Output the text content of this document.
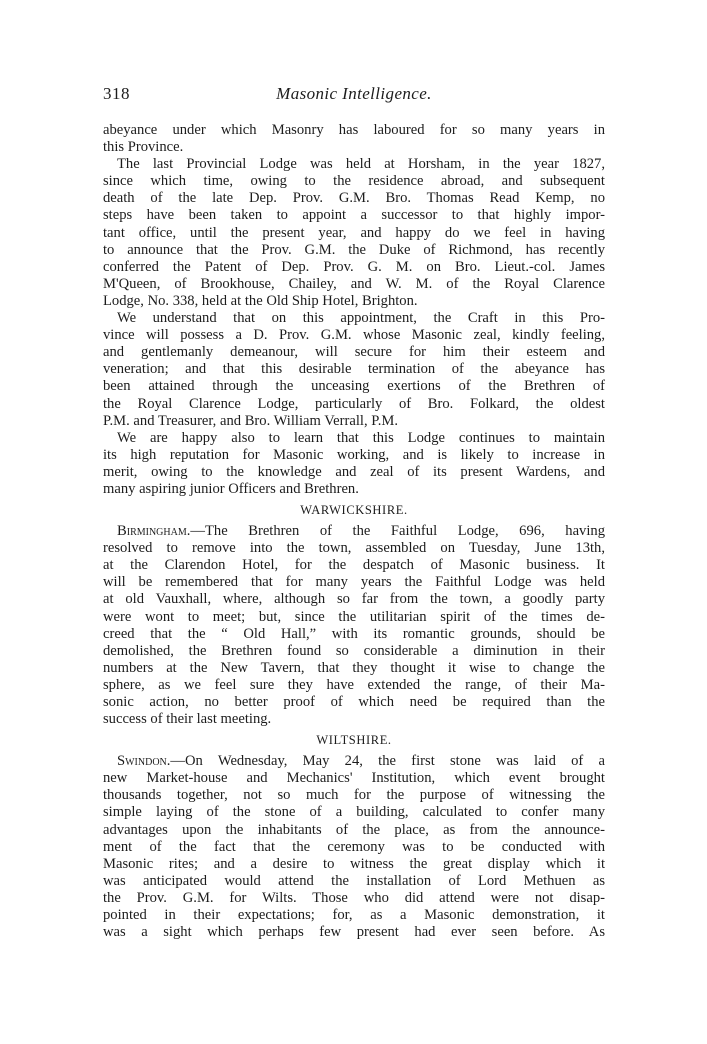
318	Masonic Intelligence.
abeyance under which Masonry has laboured for so many years in
this Province.
The last Provincial Lodge was held at Horsham, in the year 1827,
since which time, owing to the residence abroad, and subsequent
death of the late Dep. Prov. G.M. Bro. Thomas Read Kemp, no
steps have been taken to appoint a successor to that highly impor-
tant office, until the present year, and happy do we feel in having
to announce that the Prov. G.M. the Duke of Richmond, has recently
conferred the Patent of Dep. Prov. G. M. on Bro. Lieut.-col. James
M'Queen, of Brookhouse, Chailey, and W. M. of the Royal Clarence
Lodge, No. 338, held at the Old Ship Hotel, Brighton.
We understand that on this appointment, the Craft in this Pro-
vince will possess a D. Prov. G.M. whose Masonic zeal, kindly feeling,
and gentlemanly demeanour, will secure for him their esteem and
veneration; and that this desirable termination of the abeyance has
been attained through the unceasing exertions of the Brethren of
the Royal Clarence Lodge, particularly of Bro. Folkard, the oldest
P.M. and Treasurer, and Bro. William Verrall, P.M.
We are happy also to learn that this Lodge continues to maintain
its high reputation for Masonic working, and is likely to increase in
merit, owing to the knowledge and zeal of its present Wardens, and
many aspiring junior Officers and Brethren.
WARWICKSHIRE.
Birmingham.—The Brethren of the Faithful Lodge, 696, having
resolved to remove into the town, assembled on Tuesday, June 13th,
at the Clarendon Hotel, for the despatch of Masonic business. It
will be remembered that for many years the Faithful Lodge was held
at old Vauxhall, where, although so far from the town, a goodly party
were wont to meet; but, since the utilitarian spirit of the times de-
creed that the “ Old Hall,” with its romantic grounds, should be
demolished, the Brethren found so considerable a diminution in their
numbers at the New Tavern, that they thought it wise to change the
sphere, as we feel sure they have extended the range, of their Ma-
sonic action, no better proof of which need be required than the
success of their last meeting.
WILTSHIRE.
Swindon.—On Wednesday, May 24, the first stone was laid of a
new Market-house and Mechanics' Institution, which event brought
thousands together, not so much for the purpose of witnessing the
simple laying of the stone of a building, calculated to confer many
advantages upon the inhabitants of the place, as from the announce-
ment of the fact that the ceremony was to be conducted with
Masonic rites; and a desire to witness the great display which it
was anticipated would attend the installation of Lord Methuen as
the Prov. G.M. for Wilts. Those who did attend were not disap-
pointed in their expectations; for, as a Masonic demonstration, it
was a sight which perhaps few present had ever seen before. As
